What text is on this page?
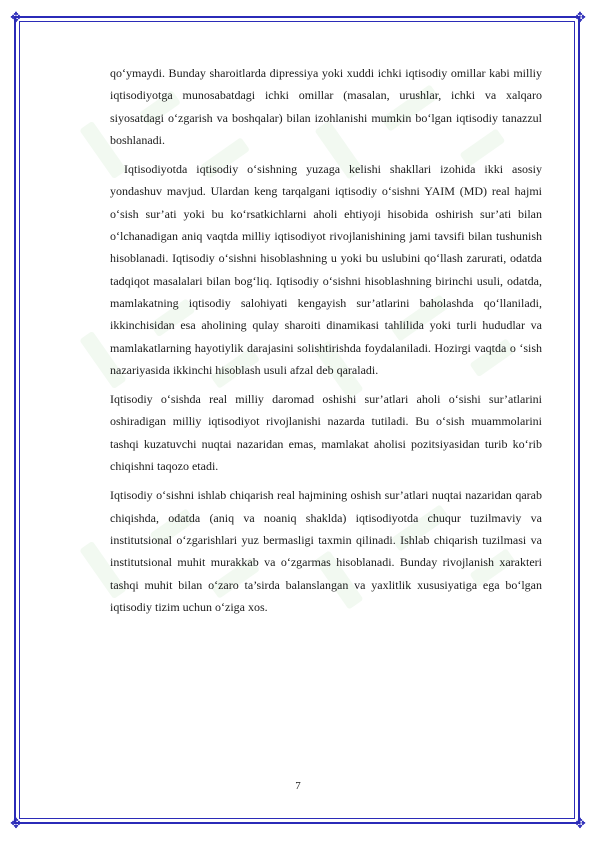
✥	✥
✥	✥

qo‘ymaydi. Bunday sharoitlarda dipressiya yoki xuddi ichki iqtisodiy omillar kabi milliy iqtisodiyotga munosabatdagi ichki omillar (masalan, urushlar, ichki va xalqaro siyosatdagi o‘zgarish va boshqalar) bilan izohlanishi mumkin bo‘lgan iqtisodiy tanazzul boshlanadi.

Iqtisodiyotda iqtisodiy o‘sishning yuzaga kelishi shakllari izohida ikki asosiy yondashuv mavjud. Ulardan keng tarqalgani iqtisodiy o‘sishni YAIM (MD) real hajmi o‘sish sur’ati yoki bu ko‘rsatkichlarni aholi ehtiyoji hisobida oshirish sur’ati bilan o‘lchanadigan aniq vaqtda milliy iqtisodiyot rivojlanishining jami tavsifi bilan tushunish hisoblanadi. Iqtisodiy o‘sishni hisoblashning u yoki bu uslubini qo‘llash zarurati, odatda tadqiqot masalalari bilan bog‘liq. Iqtisodiy o‘sishni hisoblashning birinchi usuli, odatda, mamlakatning iqtisodiy salohiyati kengayish sur’atlarini baholashda qo‘llaniladi, ikkinchisidan esa aholining qulay sharoiti dinamikasi tahlilida yoki turli hududlar va mamlakatlarning hayotiylik darajasini solishtirishda foydalaniladi. Hozirgi vaqtda o ‘sish nazariyasida ikkinchi hisoblash usuli afzal deb qaraladi.

Iqtisodiy o‘sishda real milliy daromad oshishi sur’atlari aholi o‘sishi sur’atlarini oshiradigan milliy iqtisodiyot rivojlanishi nazarda tutiladi. Bu o‘sish muammolarini tashqi kuzatuvchi nuqtai nazaridan emas, mamlakat aholisi pozitsiyasidan turib ko‘rib chiqishni taqozo etadi.

Iqtisodiy o‘sishni ishlab chiqarish real hajmining oshish sur’atlari nuqtai nazaridan qarab chiqishda, odatda (aniq va noaniq shaklda) iqtisodiyotda chuqur tuzilmaviy va institutsional o‘zgarishlari yuz bermasligi taxmin qilinadi. Ishlab chiqarish tuzilmasi va institutsional muhit murakkab va o‘zgarmas hisoblanadi. Bunday rivojlanish xarakteri tashqi muhit bilan o‘zaro ta’sirda balanslangan va yaxlitlik xususiyatiga ega bo‘lgan iqtisodiy tizim uchun o‘ziga xos.

7
